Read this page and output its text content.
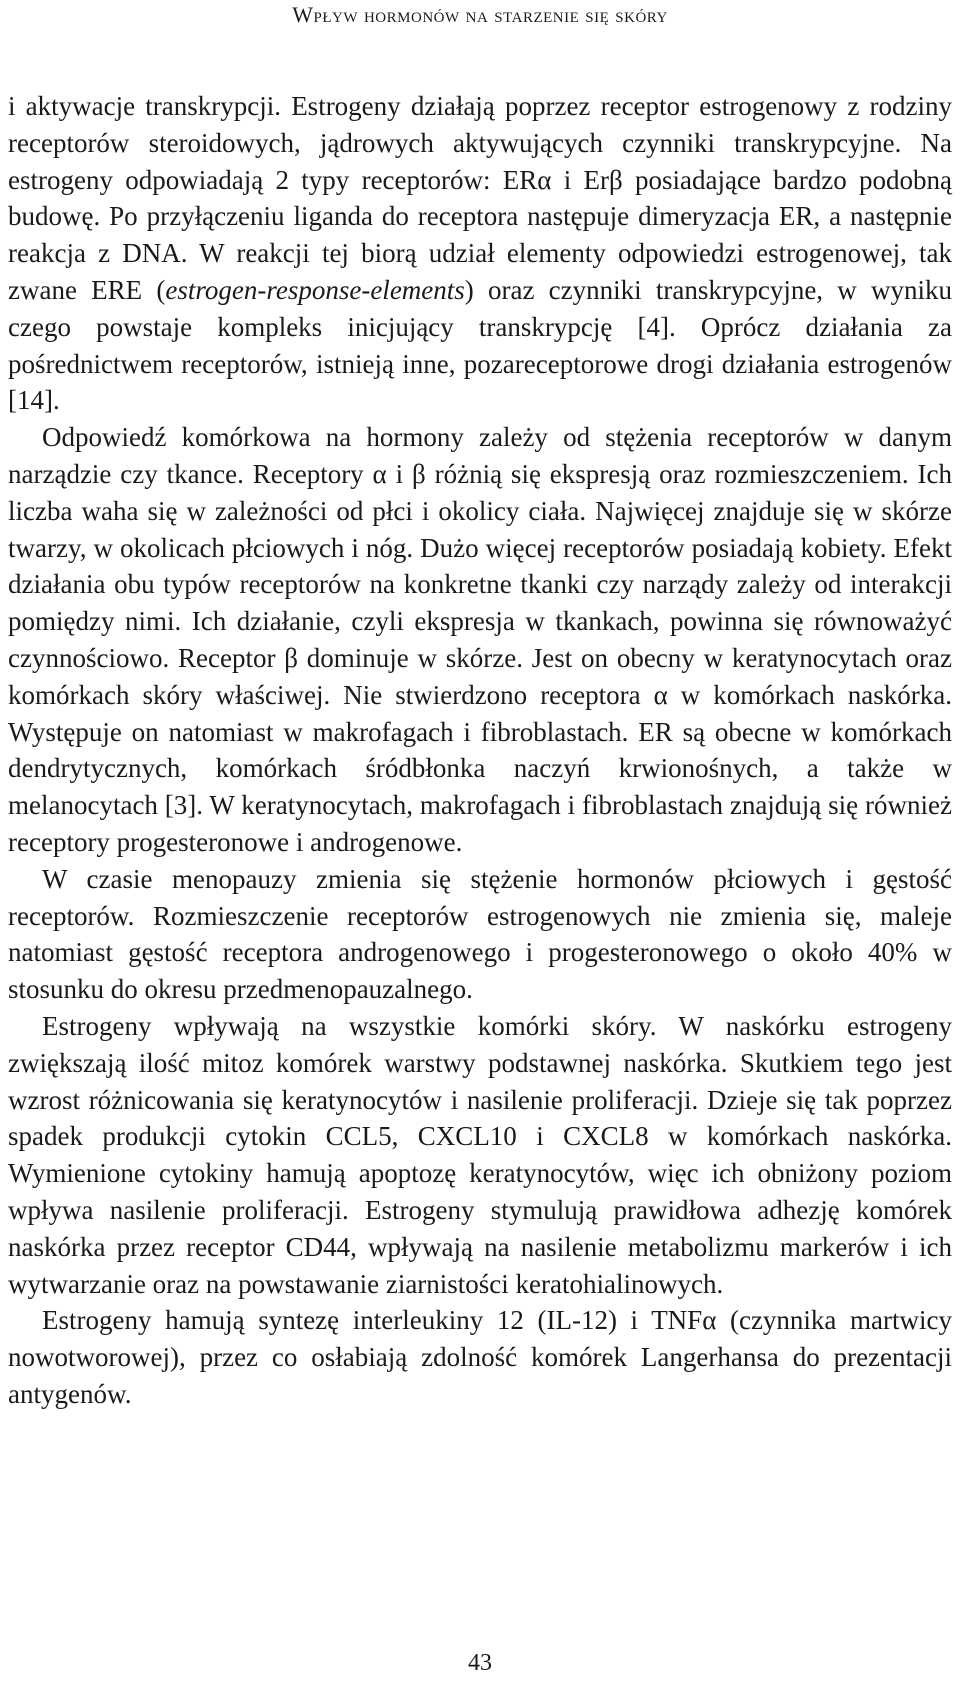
Wpływ hormonów na starzenie się skóry

i aktywacje transkrypcji. Estrogeny działają poprzez receptor estrogenowy z rodziny receptorów steroidowych, jądrowych aktywujących czynniki transkrypcyjne. Na estrogeny odpowiadają 2 typy receptorów: ERα i Erβ posiadające bardzo podobną budowę. Po przyłączeniu liganda do receptora następuje dimeryzacja ER, a następnie reakcja z DNA. W reakcji tej biorą udział elementy odpowiedzi estrogenowej, tak zwane ERE (estrogen-response-elements) oraz czynniki transkrypcyjne, w wyniku czego powstaje kompleks inicjujący transkrypcję [4]. Oprócz działania za pośrednictwem receptorów, istnieją inne, pozareceptorowe drogi działania estrogenów [14].

Odpowiedź komórkowa na hormony zależy od stężenia receptorów w danym narządzie czy tkance. Receptory α i β różnią się ekspresją oraz rozmieszczeniem. Ich liczba waha się w zależności od płci i okolicy ciała. Najwięcej znajduje się w skórze twarzy, w okolicach płciowych i nóg. Dużo więcej receptorów posiadają kobiety. Efekt działania obu typów receptorów na konkretne tkanki czy narządy zależy od interakcji pomiędzy nimi. Ich działanie, czyli ekspresja w tkankach, powinna się równoważyć czynnościowo. Receptor β dominuje w skórze. Jest on obecny w keratynocytach oraz komórkach skóry właściwej. Nie stwierdzono receptora α w komórkach naskórka. Występuje on natomiast w makrofagach i fibroblastach. ER są obecne w komórkach dendrytycznych, komórkach śródbłonka naczyń krwionośnych, a także w melanocytach [3]. W keratynocytach, makrofagach i fibroblastach znajdują się również receptory progesteronowe i androgenowe.

W czasie menopauzy zmienia się stężenie hormonów płciowych i gęstość receptorów. Rozmieszczenie receptorów estrogenowych nie zmienia się, maleje natomiast gęstość receptora androgenowego i progesteronowego o około 40% w stosunku do okresu przedmenopauzalnego.

Estrogeny wpływają na wszystkie komórki skóry. W naskórku estrogeny zwiększają ilość mitoz komórek warstwy podstawnej naskórka. Skutkiem tego jest wzrost różnicowania się keratynocytów i nasilenie proliferacji. Dzieje się tak poprzez spadek produkcji cytokin CCL5, CXCL10 i CXCL8 w komórkach naskórka. Wymienione cytokiny hamują apoptozę keratynocytów, więc ich obniżony poziom wpływa nasilenie proliferacji. Estrogeny stymulują prawidłowa adhezję komórek naskórka przez receptor CD44, wpływają na nasilenie metabolizmu markerów i ich wytwarzanie oraz na powstawanie ziarnistości keratohialinowych.

Estrogeny hamują syntezę interleukiny 12 (IL-12) i TNFα (czynnika martwicy nowotworowej), przez co osłabiają zdolność komórek Langerhansa do prezentacji antygenów.

43
